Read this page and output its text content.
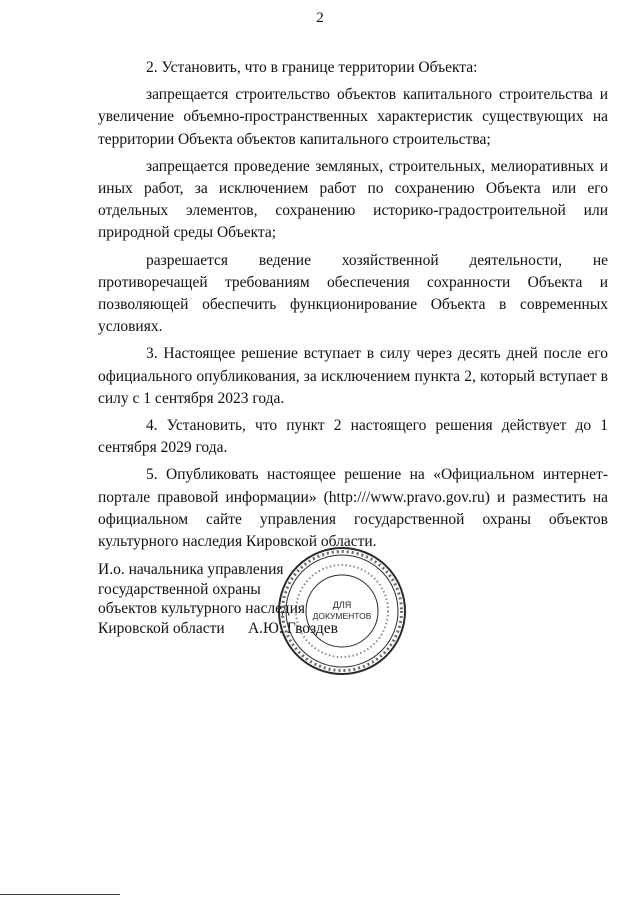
2

2. Установить, что в границе территории Объекта:

запрещается строительство объектов капитального строительства и увеличение объемно-пространственных характеристик существующих на территории Объекта объектов капитального строительства;

запрещается проведение земляных, строительных, мелиоративных и иных работ, за исключением работ по сохранению Объекта или его отдельных элементов, сохранению историко-градостроительной или природной среды Объекта;

разрешается ведение хозяйственной деятельности, не противоречащей требованиям обеспечения сохранности Объекта и позволяющей обеспечить функционирование Объекта в современных условиях.

3. Настоящее решение вступает в силу через десять дней после его официального опубликования, за исключением пункта 2, который вступает в силу с 1 сентября 2023 года.

4. Установить, что пункт 2 настоящего решения действует до 1 сентября 2029 года.

5. Опубликовать настоящее решение на «Официальном интернет-портале правовой информации» (http:///www.pravo.gov.ru) и разместить на официальном сайте управления государственной охраны объектов культурного наследия Кировской области.

И.о. начальника управления
государственной охраны
объектов культурного наследия
Кировской области А.Ю. Гвоздев
ДЛЯ
ДОКУМЕНТОВ
